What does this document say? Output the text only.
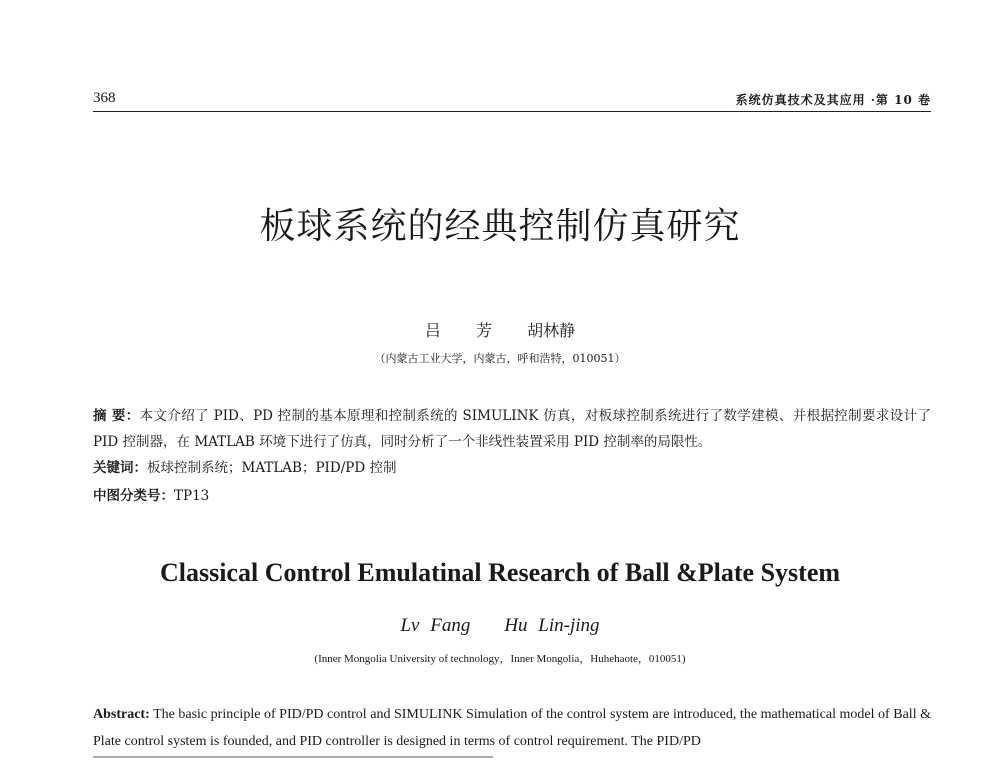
368	系统仿真技术及其应用 ·第 10 卷
板球系统的经典控制仿真研究
吕 芳 胡林静
（内蒙古工业大学，内蒙古，呼和浩特，010051）
摘 要：本文介绍了 PID、PD 控制的基本原理和控制系统的 SIMULINK 仿真，对板球控制系统进行了数学建模、并根据控制要求设计了 PID 控制器，在 MATLAB 环境下进行了仿真，同时分析了一个非线性装置采用 PID 控制率的局限性。
关键词：板球控制系统；MATLAB；PID/PD 控制
中图分类号：TP13
Classical Control Emulatinal Research of Ball &Plate System
Lv Fang Hu Lin-jing
(Inner Mongolia University of technology，Inner Mongolia，Huhehaote，010051)
Abstract: The basic principle of PID/PD control and SIMULINK Simulation of the control system are introduced, the mathematical model of Ball & Plate control system is founded, and PID controller is designed in terms of control requirement. The PID/PD
